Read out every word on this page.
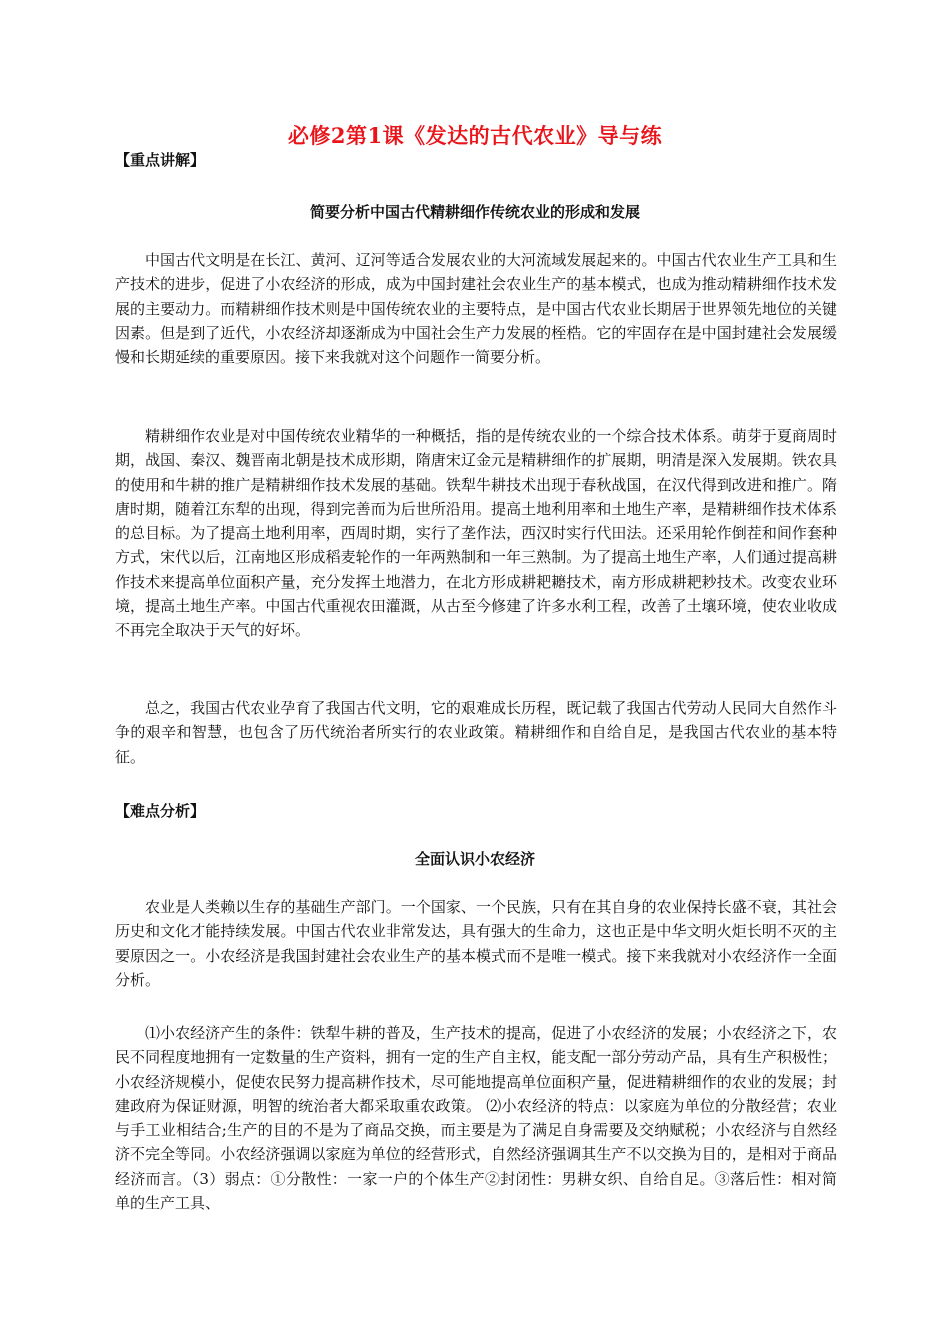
必修2第1课《发达的古代农业》导与练
【重点讲解】
简要分析中国古代精耕细作传统农业的形成和发展

中国古代文明是在长江、黄河、辽河等适合发展农业的大河流域发展起来的。中国古代农业生产工具和生产技术的进步，促进了小农经济的形成，成为中国封建社会农业生产的基本模式，也成为推动精耕细作技术发展的主要动力。而精耕细作技术则是中国传统农业的主要特点，是中国古代农业长期居于世界领先地位的关键因素。但是到了近代，小农经济却逐渐成为中国社会生产力发展的桎梏。它的牢固存在是中国封建社会发展缓慢和长期延续的重要原因。接下来我就对这个问题作一简要分析。

精耕细作农业是对中国传统农业精华的一种概括，指的是传统农业的一个综合技术体系。萌芽于夏商周时期，战国、秦汉、魏晋南北朝是技术成形期，隋唐宋辽金元是精耕细作的扩展期，明清是深入发展期。铁农具的使用和牛耕的推广是精耕细作技术发展的基础。铁犁牛耕技术出现于春秋战国，在汉代得到改进和推广。隋唐时期，随着江东犁的出现，得到完善而为后世所沿用。提高土地利用率和土地生产率，是精耕细作技术体系的总目标。为了提高土地利用率，西周时期，实行了垄作法，西汉时实行代田法。还采用轮作倒茬和间作套种方式，宋代以后，江南地区形成稻麦轮作的一年两熟制和一年三熟制。为了提高土地生产率，人们通过提高耕作技术来提高单位面积产量，充分发挥土地潜力，在北方形成耕耙耱技术，南方形成耕耙耖技术。改变农业环境，提高土地生产率。中国古代重视农田灌溉，从古至今修建了许多水利工程，改善了土壤环境，使农业收成不再完全取决于天气的好坏。

总之，我国古代农业孕育了我国古代文明，它的艰难成长历程，既记载了我国古代劳动人民同大自然作斗争的艰辛和智慧，也包含了历代统治者所实行的农业政策。精耕细作和自给自足，是我国古代农业的基本特征。

【难点分析】
全面认识小农经济

农业是人类赖以生存的基础生产部门。一个国家、一个民族，只有在其自身的农业保持长盛不衰，其社会历史和文化才能持续发展。中国古代农业非常发达，具有强大的生命力，这也正是中华文明火炬长明不灭的主要原因之一。小农经济是我国封建社会农业生产的基本模式而不是唯一模式。接下来我就对小农经济作一全面分析。

⑴小农经济产生的条件：铁犁牛耕的普及，生产技术的提高，促进了小农经济的发展；小农经济之下，农民不同程度地拥有一定数量的生产资料，拥有一定的生产自主权，能支配一部分劳动产品，具有生产积极性；小农经济规模小，促使农民努力提高耕作技术，尽可能地提高单位面积产量，促进精耕细作的农业的发展；封建政府为保证财源，明智的统治者大都采取重农政策。 ⑵小农经济的特点：以家庭为单位的分散经营；农业与手工业相结合;生产的目的不是为了商品交换，而主要是为了满足自身需要及交纳赋税；小农经济与自然经济不完全等同。小农经济强调以家庭为单位的经营形式，自然经济强调其生产不以交换为目的，是相对于商品经济而言。（3）弱点：①分散性：一家一户的个体生产②封闭性：男耕女织、自给自足。③落后性：相对简单的生产工具、
